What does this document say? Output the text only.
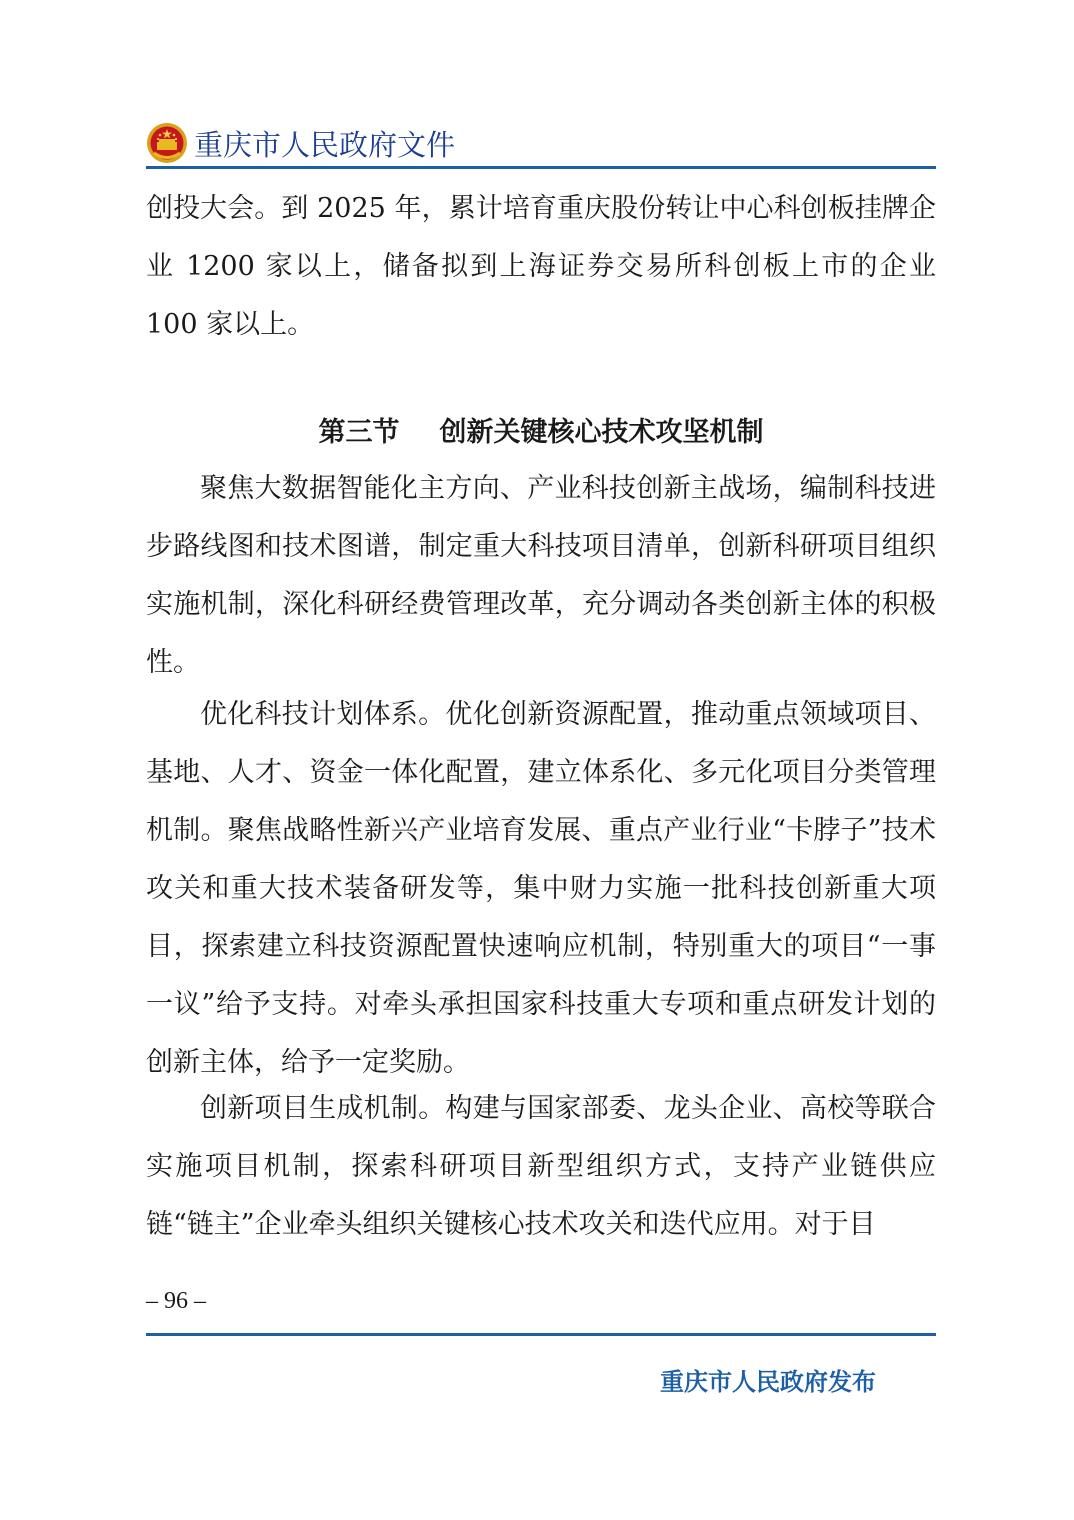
重庆市人民政府文件

创投大会。到 2025 年，累计培育重庆股份转让中心科创板挂牌企业 1200 家以上，储备拟到上海证券交易所科创板上市的企业 100 家以上。

第三节 创新关键核心技术攻坚机制

聚焦大数据智能化主方向、产业科技创新主战场，编制科技进步路线图和技术图谱，制定重大科技项目清单，创新科研项目组织实施机制，深化科研经费管理改革，充分调动各类创新主体的积极性。

优化科技计划体系。优化创新资源配置，推动重点领域项目、基地、人才、资金一体化配置，建立体系化、多元化项目分类管理机制。聚焦战略性新兴产业培育发展、重点产业行业“卡脖子”技术攻关和重大技术装备研发等，集中财力实施一批科技创新重大项目，探索建立科技资源配置快速响应机制，特别重大的项目“一事一议”给予支持。对牵头承担国家科技重大专项和重点研发计划的创新主体，给予一定奖励。

创新项目生成机制。构建与国家部委、龙头企业、高校等联合实施项目机制，探索科研项目新型组织方式，支持产业链供应链“链主”企业牵头组织关键核心技术攻关和迭代应用。对于目

– 96 –
重庆市人民政府发布
